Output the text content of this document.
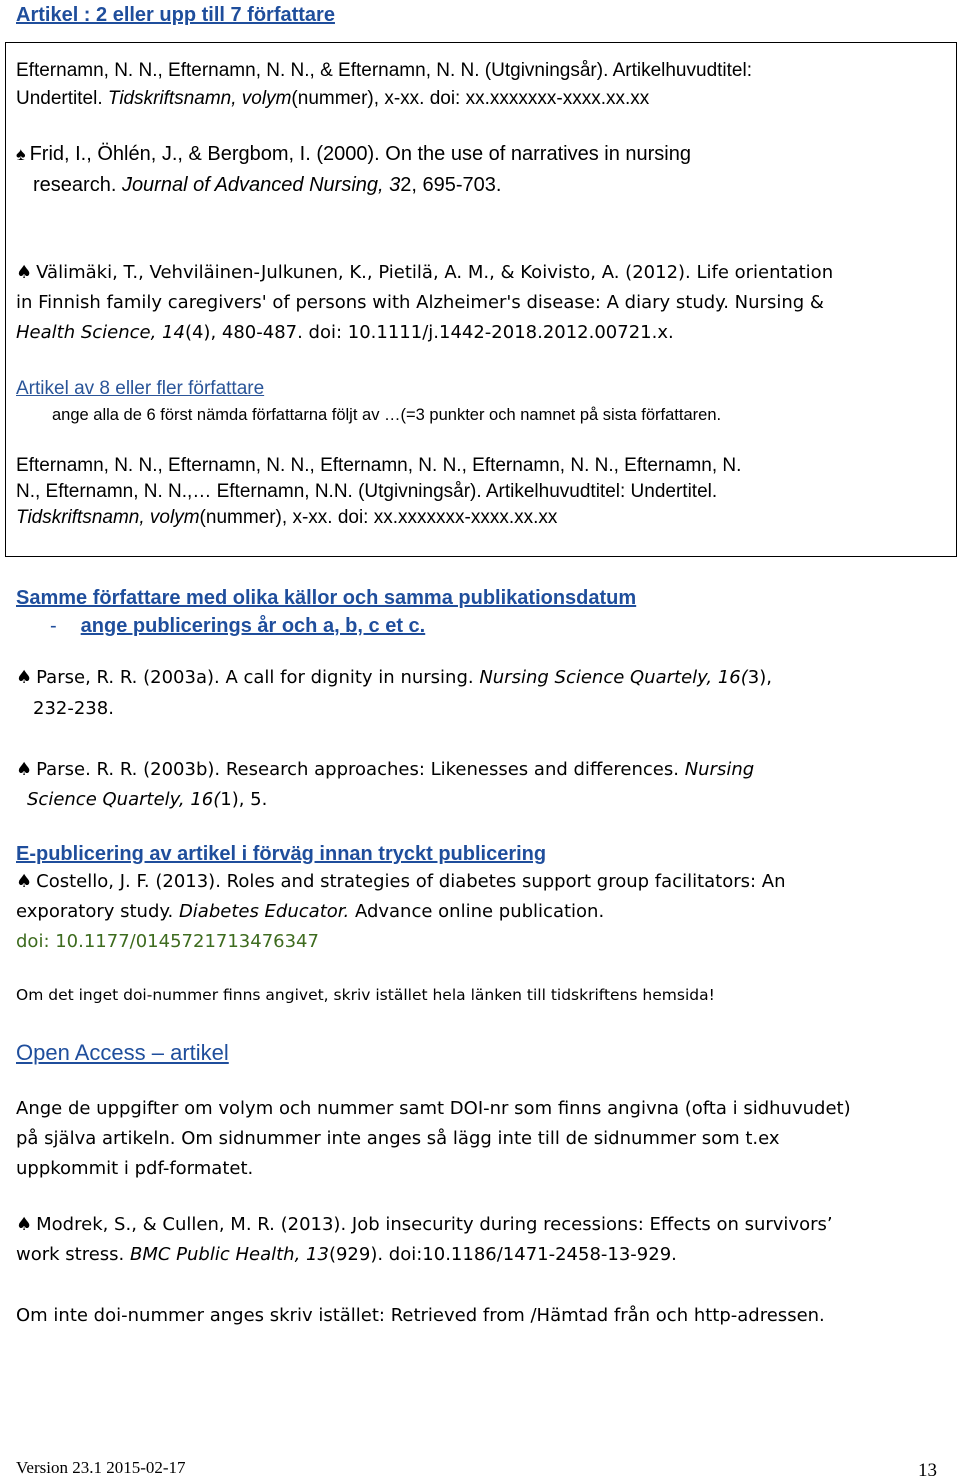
Artikel : 2 eller upp till 7 författare
Efternamn, N. N., Efternamn, N. N., & Efternamn, N. N. (Utgivningsår). Artikelhuvudtitel:
Undertitel. Tidskriftsnamn, volym(nummer), x-xx. doi: xx.xxxxxxx-xxxx.xx.xx
♠ Frid, I., Öhlén, J., & Bergbom, I. (2000). On the use of narratives in nursing
research. Journal of Advanced Nursing, 32, 695-703.
♠ Välimäki, T., Vehviläinen-Julkunen, K., Pietilä, A. M., & Koivisto, A. (2012). Life orientation
in Finnish family caregivers' of persons with Alzheimer's disease: A diary study. Nursing &
Health Science, 14(4), 480-487. doi: 10.1111/j.1442-2018.2012.00721.x.
Artikel av 8 eller fler författare
ange alla de 6 först nämda författarna följt av …(=3 punkter och namnet på sista författaren.
Efternamn, N. N., Efternamn, N. N., Efternamn, N. N., Efternamn, N. N., Efternamn, N.
N., Efternamn, N. N.,… Efternamn, N.N. (Utgivningsår). Artikelhuvudtitel: Undertitel.
Tidskriftsnamn, volym(nummer), x-xx. doi: xx.xxxxxxx-xxxx.xx.xx
Samme författare med olika källor och samma publikationsdatum
- ange publicerings år och a, b, c et c.
♠ Parse, R. R. (2003a). A call for dignity in nursing. Nursing Science Quartely, 16(3),
232-238.
♠ Parse. R. R. (2003b). Research approaches: Likenesses and differences. Nursing
Science Quartely, 16(1), 5.
E-publicering av artikel i förväg innan tryckt publicering
♠ Costello, J. F. (2013). Roles and strategies of diabetes support group facilitators: An
exporatory study. Diabetes Educator. Advance online publication.
doi: 10.1177/0145721713476347
Om det inget doi-nummer finns angivet, skriv istället hela länken till tidskriftens hemsida!
Open Access – artikel
Ange de uppgifter om volym och nummer samt DOI-nr som finns angivna (ofta i sidhuvudet)
på själva artikeln. Om sidnummer inte anges så lägg inte till de sidnummer som t.ex
uppkommit i pdf-formatet.
♠ Modrek, S., & Cullen, M. R. (2013). Job insecurity during recessions: Effects on survivors’
work stress. BMC Public Health, 13(929). doi:10.1186/1471-2458-13-929.
Om inte doi-nummer anges skriv istället: Retrieved from /Hämtad från och http-adressen.
Version 23.1 2015-02-17	13
